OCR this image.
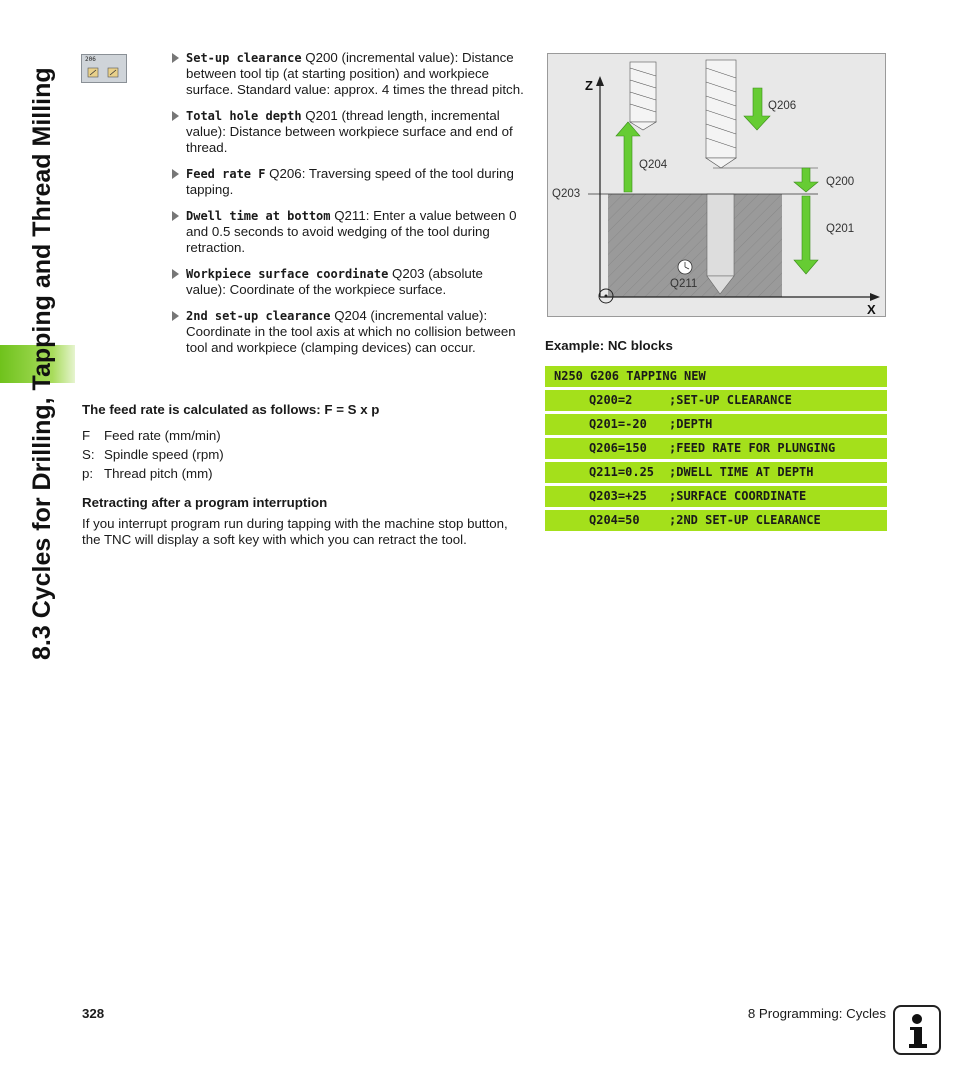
8.3 Cycles for Drilling, Tapping and Thread Milling
206	Set-up clearance Q200 (incremental value): Distance between tool tip (at starting position) and workpiece surface. Standard value: approx. 4 times the thread pitch.
Total hole depth Q201 (thread length, incremental value): Distance between workpiece surface and end of thread.
Feed rate F Q206: Traversing speed of the tool during tapping.
Dwell time at bottom Q211: Enter a value between 0 and 0.5 seconds to avoid wedging of the tool during retraction.
Workpiece surface coordinate Q203 (absolute value): Coordinate of the workpiece surface.
2nd set-up clearance Q204 (incremental value): Coordinate in the tool axis at which no collision between tool and workpiece (clamping devices) can occur.
The feed rate is calculated as follows: F = S x p
F Feed rate (mm/min)
S: Spindle speed (rpm)
p: Thread pitch (mm)
Retracting after a program interruption
If you interrupt program run during tapping with the machine stop button, the TNC will display a soft key with which you can retract the tool.
Z
X
Q206
Q204
Q200
Q203
Q201
Q211
Example: NC blocks
N250 G206 TAPPING NEW
Q200=2	;SET-UP CLEARANCE
Q201=-20 ;DEPTH
Q206=150 ;FEED RATE FOR PLUNGING
Q211=0.25 ;DWELL TIME AT DEPTH
Q203=+25 ;SURFACE COORDINATE
Q204=50 ;2ND SET-UP CLEARANCE
328	8 Programming: Cycles
